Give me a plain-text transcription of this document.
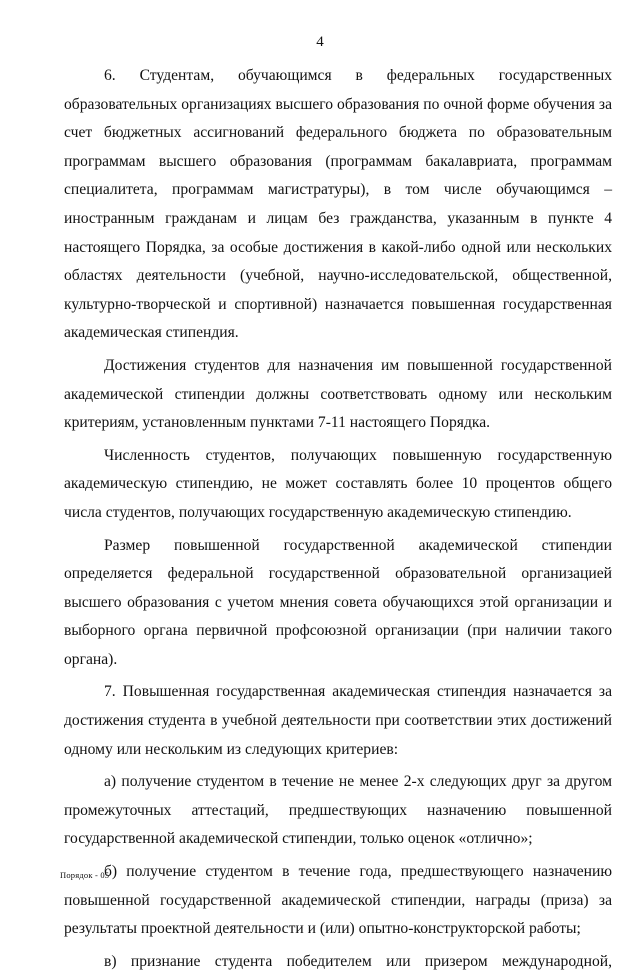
4

6. Студентам, обучающимся в федеральных государственных образовательных организациях высшего образования по очной форме обучения за счет бюджетных ассигнований федерального бюджета по образовательным программам высшего образования (программам бакалавриата, программам специалитета, программам магистратуры), в том числе обучающимся – иностранным гражданам и лицам без гражданства, указанным в пункте 4 настоящего Порядка, за особые достижения в какой-либо одной или нескольких областях деятельности (учебной, научно-исследовательской, общественной, культурно-творческой и спортивной) назначается повышенная государственная академическая стипендия.

Достижения студентов для назначения им повышенной государственной академической стипендии должны соответствовать одному или нескольким критериям, установленным пунктами 7-11 настоящего Порядка.

Численность студентов, получающих повышенную государственную академическую стипендию, не может составлять более 10 процентов общего числа студентов, получающих государственную академическую стипендию.

Размер повышенной государственной академической стипендии определяется федеральной государственной образовательной организацией высшего образования с учетом мнения совета обучающихся этой организации и выборного органа первичной профсоюзной организации (при наличии такого органа).

7. Повышенная государственная академическая стипендия назначается за достижения студента в учебной деятельности при соответствии этих достижений одному или нескольким из следующих критериев:

а) получение студентом в течение не менее 2-х следующих друг за другом промежуточных аттестаций, предшествующих назначению повышенной государственной академической стипендии, только оценок «отлично»;

б) получение студентом в течение года, предшествующего назначению повышенной государственной академической стипендии, награды (приза) за результаты проектной деятельности и (или) опытно-конструкторской работы;

в) признание студента победителем или призером международной,

Порядок - 05
